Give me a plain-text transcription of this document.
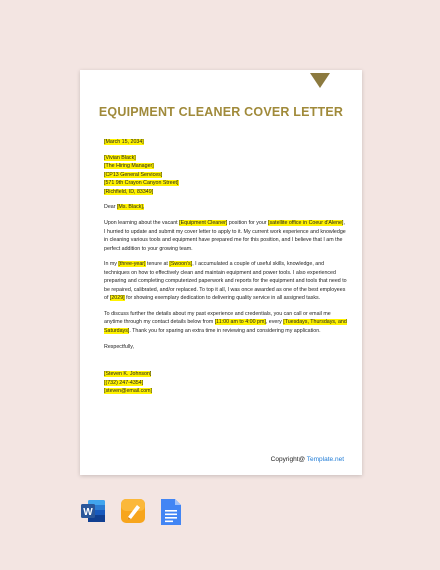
EQUIPMENT CLEANER COVER LETTER
[March 15, 2034]
[Vivian Black]
[The Hiring Manager]
[CP13 General Services]
[571 9th Crayon Canyon Street]
[Richfield, ID, 83349]

Dear [Ms. Black],

Upon learning about the vacant [Equipment Cleaner] position for your [satellite office in Coeur d'Alene], I hurried to update and submit my cover letter to apply to it. My current work experience and knowledge in cleaning various tools and equipment have prepared me for this position, and I believe that I am the perfect addition to your growing team.

In my [three-year] tenure at [Swoon's], I accumulated a couple of useful skills, knowledge, and techniques on how to effectively clean and maintain equipment and power tools. I also experienced preparing and completing computerized paperwork and reports for the equipment and tools that need to be repaired, calibrated, and/or replaced. To top it all, I was once awarded as one of the best employees of [2029] for showing exemplary dedication to delivering quality service in all assigned tasks.

To discuss further the details about my past experience and credentials, you can call or email me anytime through my contact details below from [11:00 am to 4:00 pm], every [Tuesdays, Thursdays, and Saturdays]. Thank you for sparing an extra time in reviewing and considering my application.

Respectfully,

[Steven K. Johnson]
[(732) 247-4354]
[steven@email.com]
Copyright@ Template.net
W
